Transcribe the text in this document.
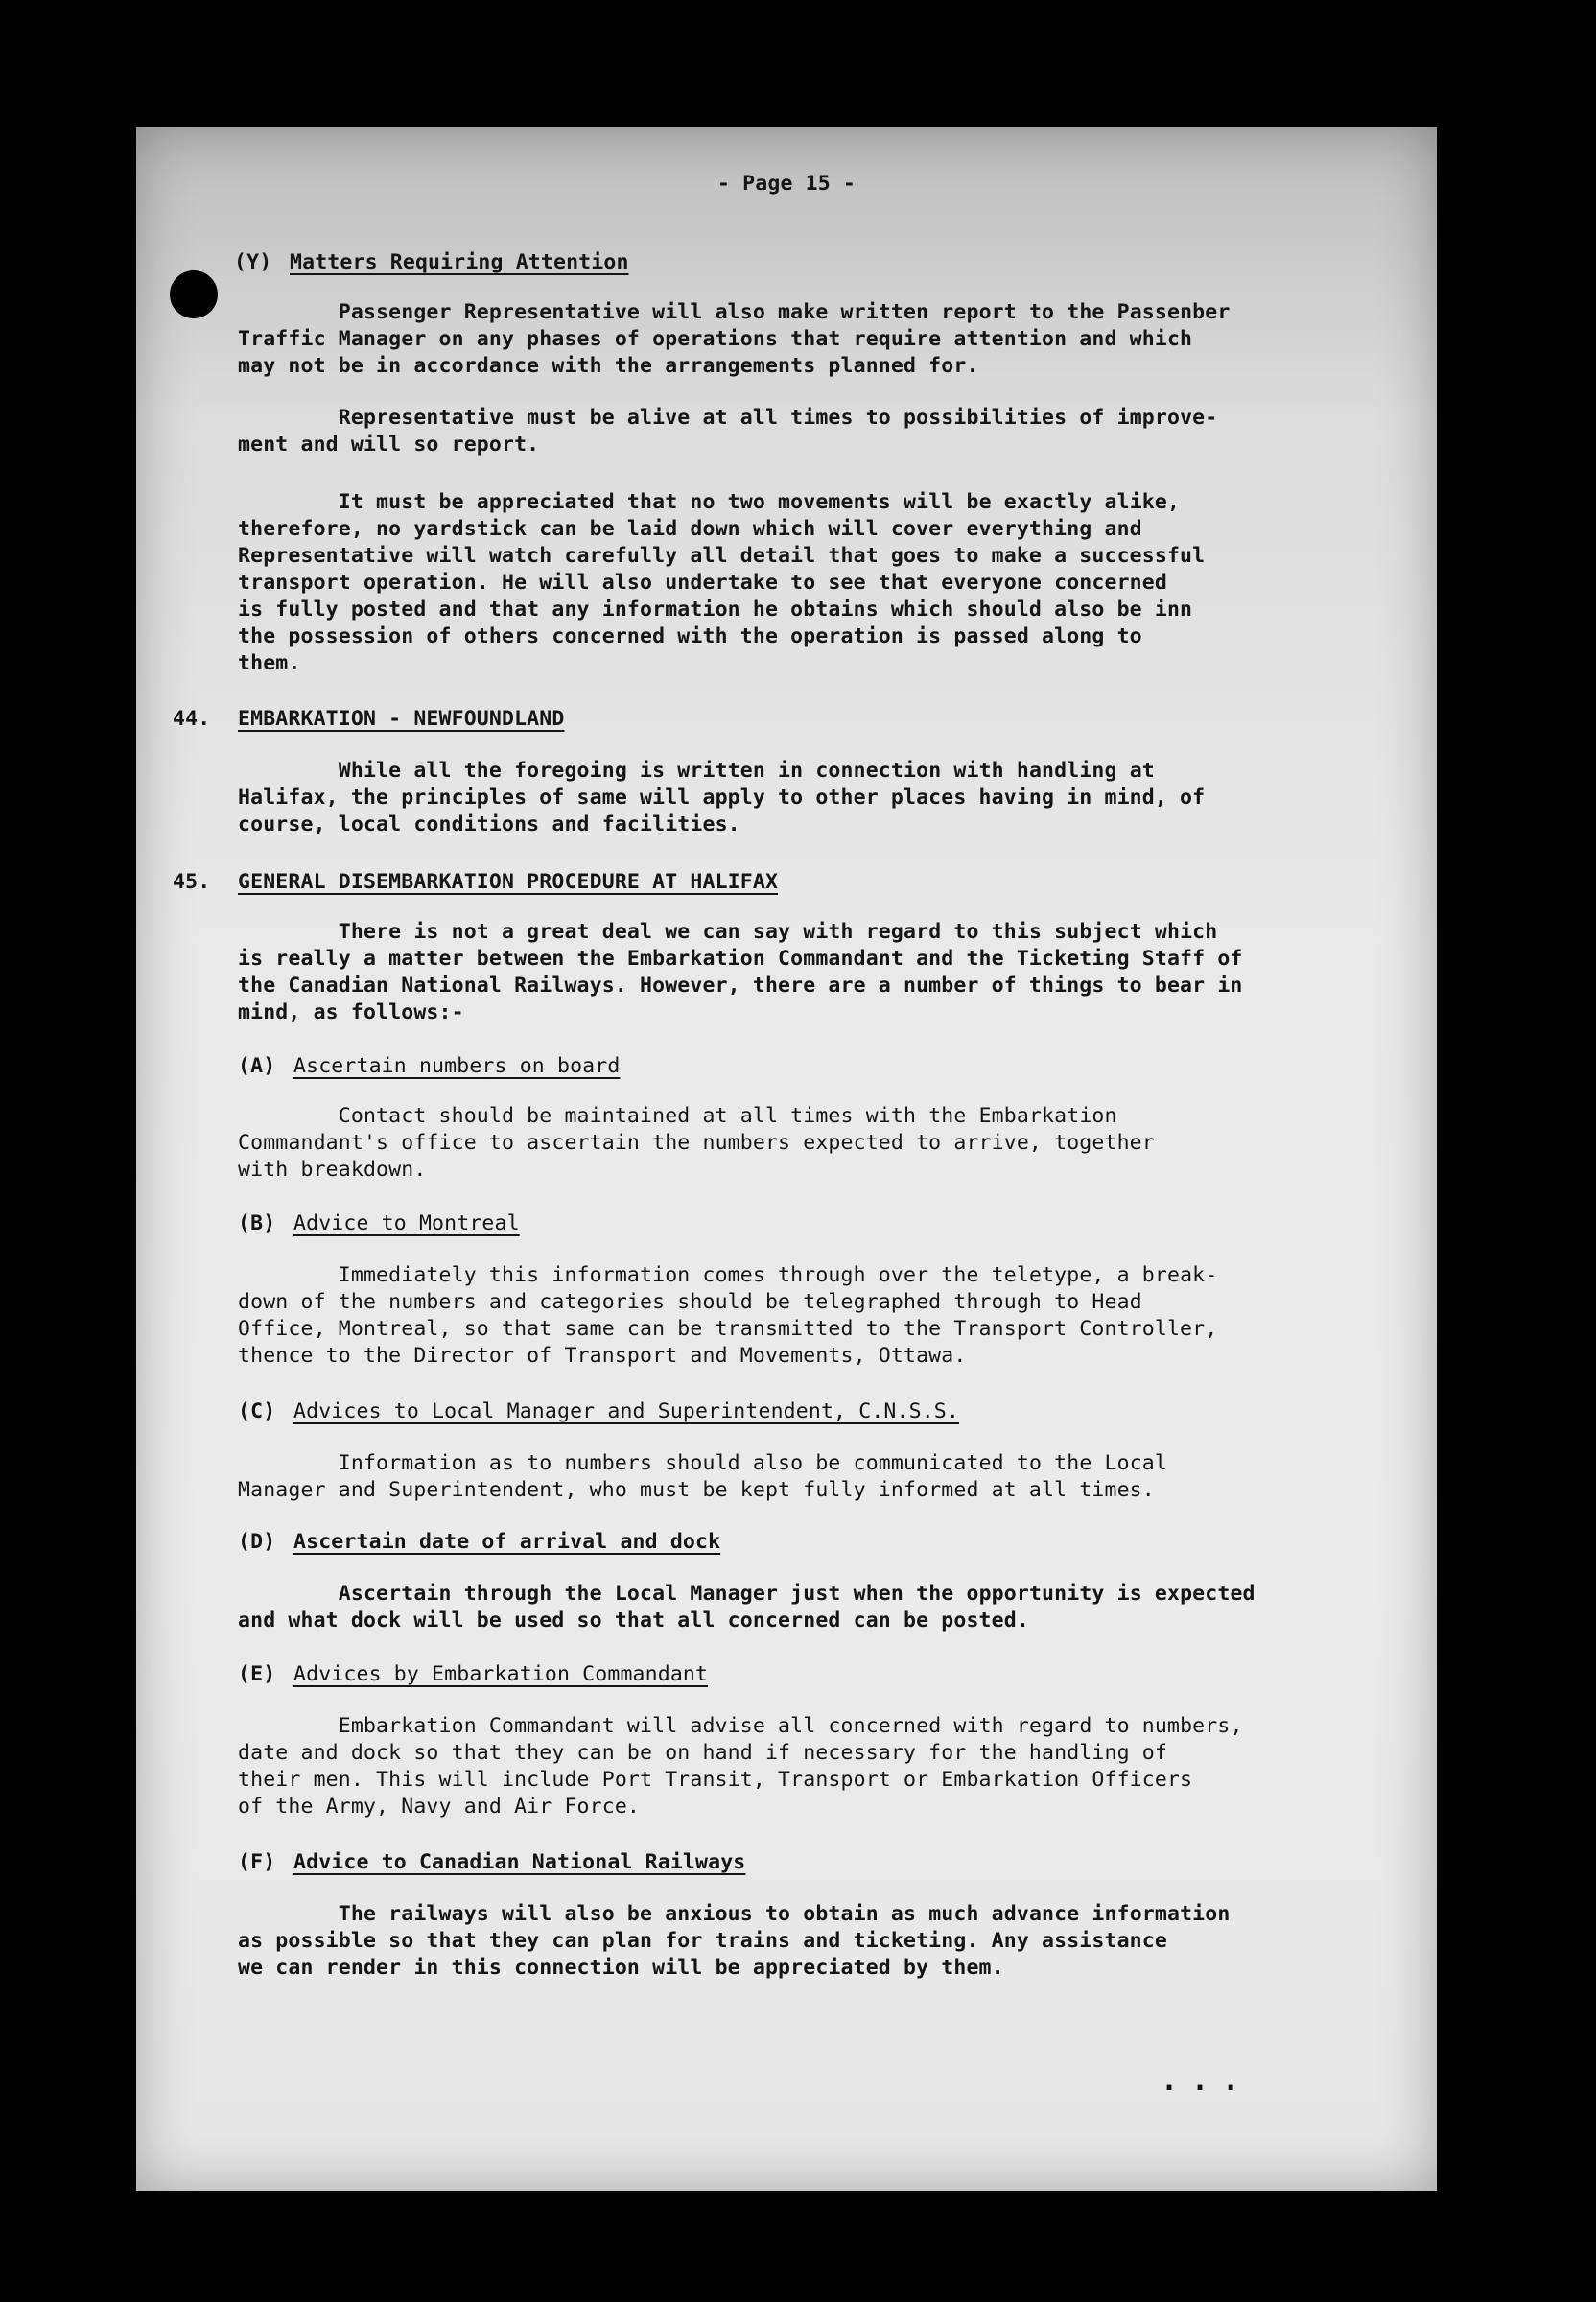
- Page 15 -

(Y) Matters Requiring Attention

Passenger Representative will also make written report to the Passenber
Traffic Manager on any phases of operations that require attention and which
may not be in accordance with the arrangements planned for.

Representative must be alive at all times to possibilities of improve-
ment and will so report.

It must be appreciated that no two movements will be exactly alike,
therefore, no yardstick can be laid down which will cover everything and
Representative will watch carefully all detail that goes to make a successful
transport operation. He will also undertake to see that everyone concerned
is fully posted and that any information he obtains which should also be inn
the possession of others concerned with the operation is passed along to
them.

44. EMBARKATION - NEWFOUNDLAND

While all the foregoing is written in connection with handling at
Halifax, the principles of same will apply to other places having in mind, of
course, local conditions and facilities.

45. GENERAL DISEMBARKATION PROCEDURE AT HALIFAX

There is not a great deal we can say with regard to this subject which
is really a matter between the Embarkation Commandant and the Ticketing Staff of
the Canadian National Railways. However, there are a number of things to bear in
mind, as follows:-

(A) Ascertain numbers on board

Contact should be maintained at all times with the Embarkation
Commandant's office to ascertain the numbers expected to arrive, together
with breakdown.

(B) Advice to Montreal

Immediately this information comes through over the teletype, a break-
down of the numbers and categories should be telegraphed through to Head
Office, Montreal, so that same can be transmitted to the Transport Controller,
thence to the Director of Transport and Movements, Ottawa.

(C) Advices to Local Manager and Superintendent, C.N.S.S.

Information as to numbers should also be communicated to the Local
Manager and Superintendent, who must be kept fully informed at all times.

(D) Ascertain date of arrival and dock

Ascertain through the Local Manager just when the opportunity is expected
and what dock will be used so that all concerned can be posted.

(E) Advices by Embarkation Commandant

Embarkation Commandant will advise all concerned with regard to numbers,
date and dock so that they can be on hand if necessary for the handling of
their men. This will include Port Transit, Transport or Embarkation Officers
of the Army, Navy and Air Force.

(F) Advice to Canadian National Railways

The railways will also be anxious to obtain as much advance information
as possible so that they can plan for trains and ticketing. Any assistance
we can render in this connection will be appreciated by them.

...
